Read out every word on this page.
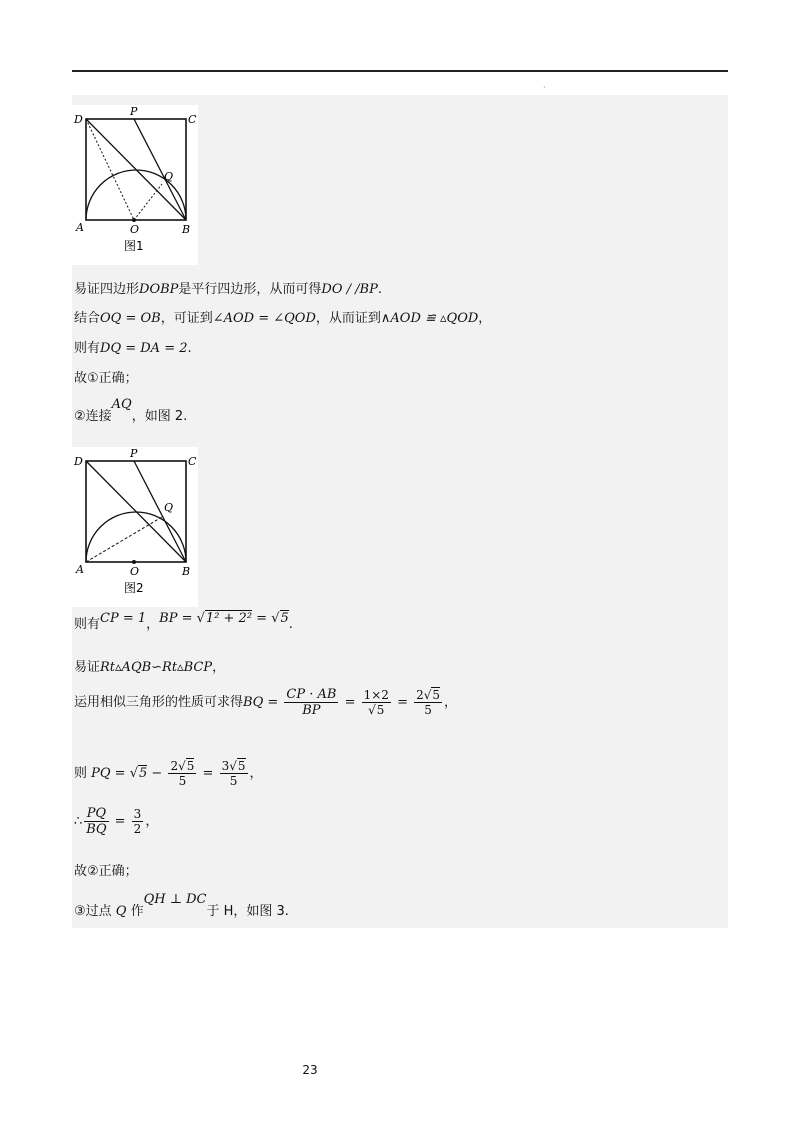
·
D
P
C
Q
A	O	B
图1
易证四边形DOBP是平行四边形，从而可得DO / /BP.
结合OQ = OB，可证到∠AOD = ∠QOD，从而证到∧AOD ≌ ▵QOD，
则有DQ = DA = 2.
故①正确；
②连接AQ，如图 2.
D
P
C
Q
A	O	B
图2
则有CP = 1，BP = √1² + 2² = √5.
易证Rt▵AQB∽Rt▵BCP，
运用相似三角形的性质可求得BQ = $\frac{CP \cdot AB}{BP} = \frac{1\times 2}{√5} = \frac{2√5}{5}$ ，
则 PQ = $√5 - \frac{2√5}{5} = \frac{3√5}{5}$ ，
∴ $\frac{PQ}{BQ} = \frac{3}{2}$ ，
故②正确；
③过点 Q 作QH ⊥ DC于 H，如图 3.
23
